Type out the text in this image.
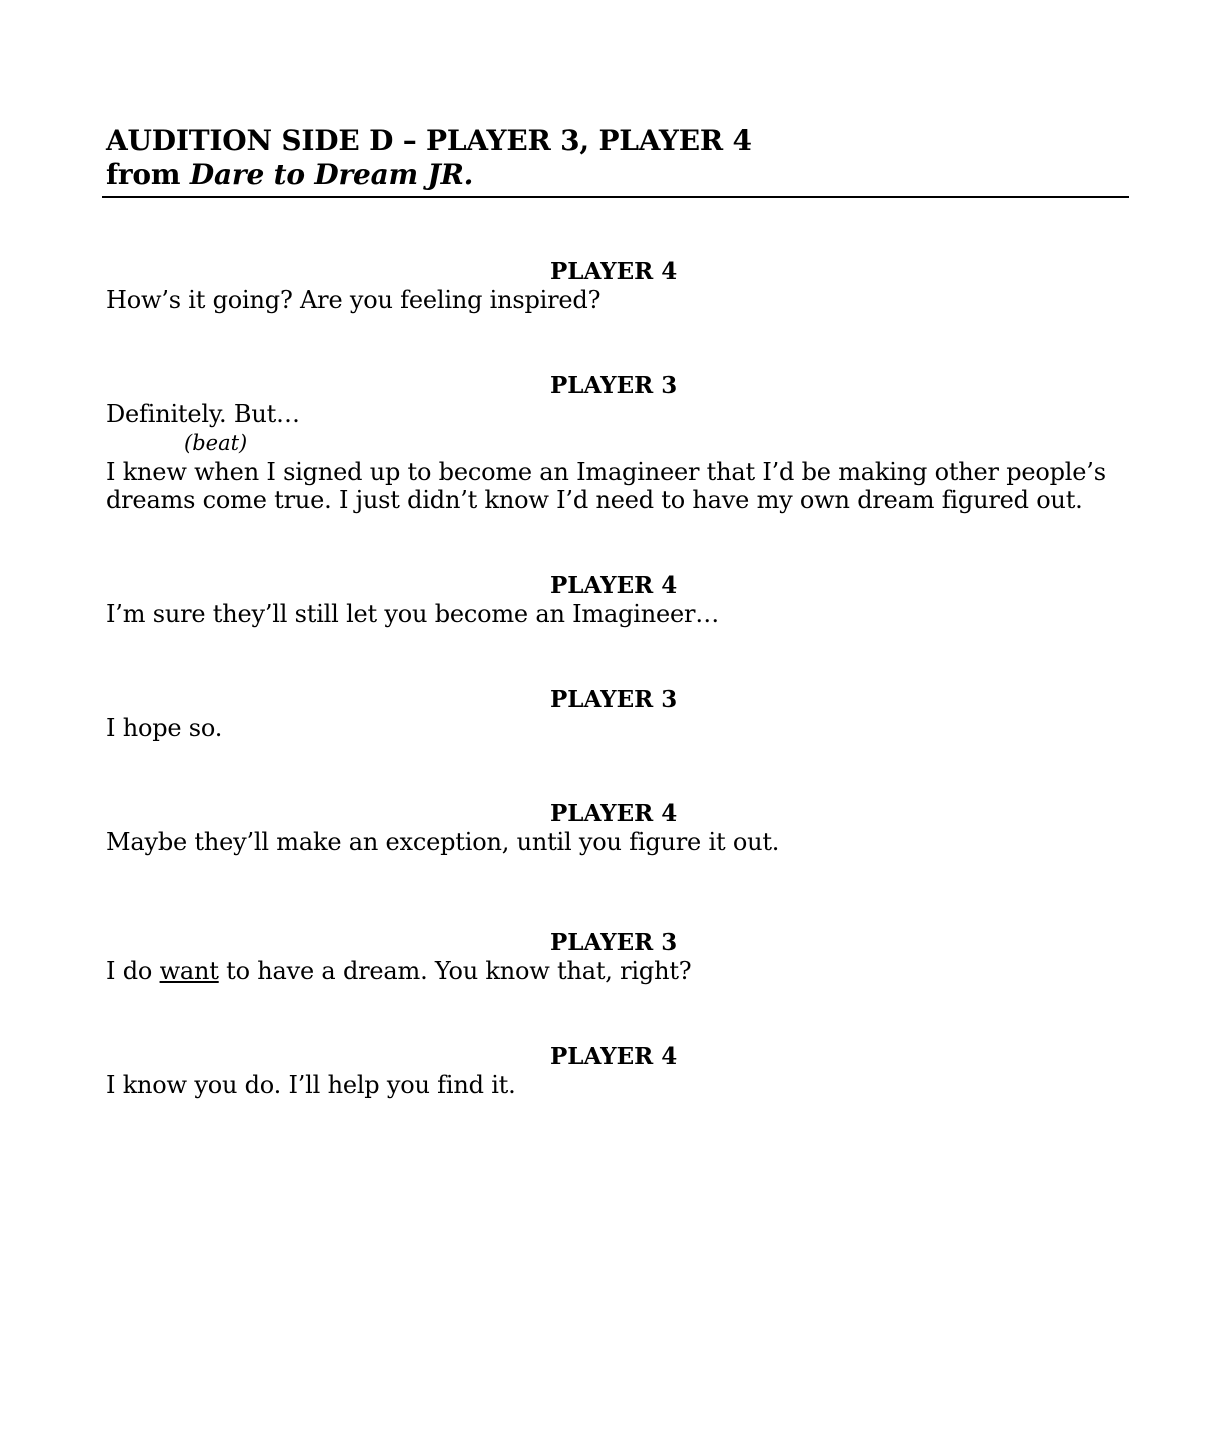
AUDITION SIDE D – PLAYER 3, PLAYER 4
from Dare to Dream JR.
PLAYER 4
How’s it going? Are you feeling inspired?
PLAYER 3
Definitely. But…
(beat)
I knew when I signed up to become an Imagineer that I’d be making other people’s
dreams come true. I just didn’t know I’d need to have my own dream figured out.
PLAYER 4
I’m sure they’ll still let you become an Imagineer…
PLAYER 3
I hope so.
PLAYER 4
Maybe they’ll make an exception, until you figure it out.
PLAYER 3
I do want to have a dream. You know that, right?
PLAYER 4
I know you do. I’ll help you find it.
